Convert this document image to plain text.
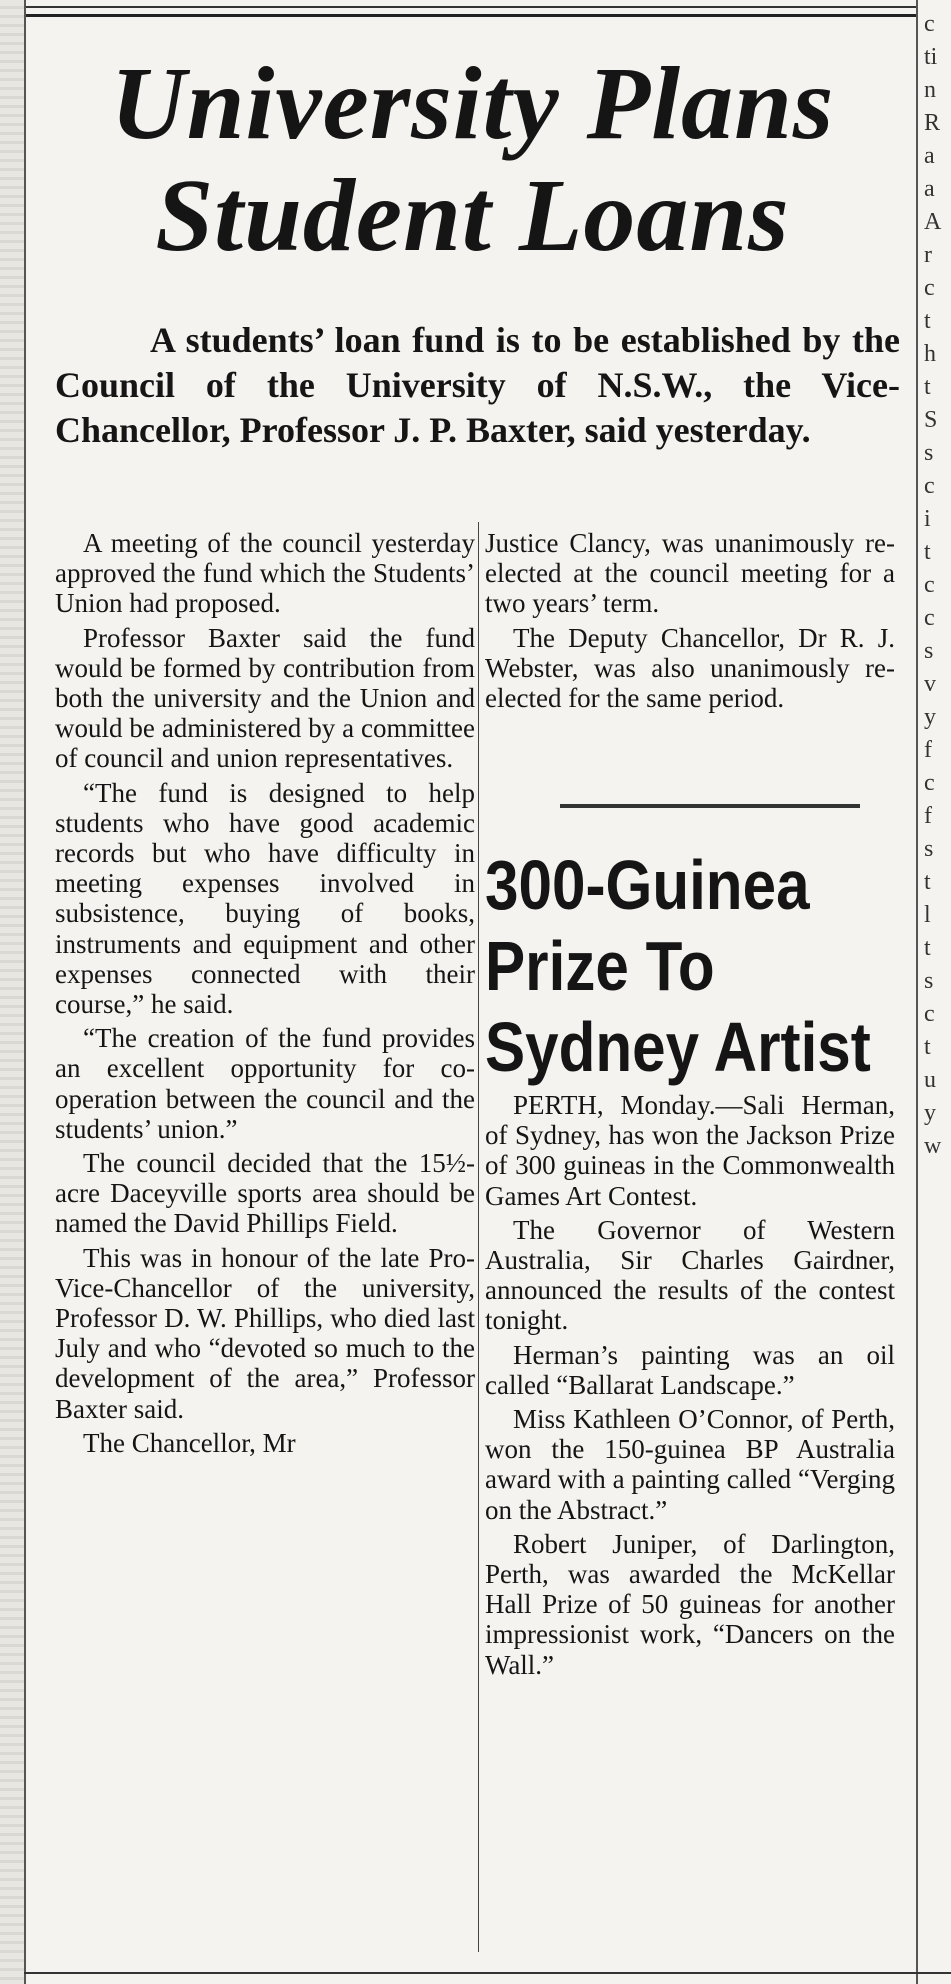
University Plans
Student Loans
A students’ loan fund is to be established by the Council of the University of N.S.W., the Vice-Chancellor, Professor J. P. Baxter, said yesterday.

A meeting of the council yesterday approved the fund which the Students’ Union had proposed.

Professor Baxter said the fund would be formed by contribution from both the university and the Union and would be administered by a committee of council and union representatives.

“The fund is designed to help students who have good academic records but who have difficulty in meeting expenses involved in subsistence, buying of books, instruments and equipment and other expenses connected with their course,” he said.

“The creation of the fund provides an excellent opportunity for co-operation between the council and the students’ union.”

The council decided that the 15½-acre Daceyville sports area should be named the David Phillips Field.

This was in honour of the late Pro-Vice-Chancellor of the university, Professor D. W. Phillips, who died last July and who “devoted so much to the development of the area,” Professor Baxter said.

The Chancellor, Mr

Justice Clancy, was unanimously re-elected at the council meeting for a two years’ term.

The Deputy Chancellor, Dr R. J. Webster, was also unanimously re-elected for the same period.

300-Guinea
Prize To
Sydney Artist

PERTH, Monday.—Sali Herman, of Sydney, has won the Jackson Prize of 300 guineas in the Commonwealth Games Art Contest.

The Governor of Western Australia, Sir Charles Gairdner, announced the results of the contest tonight.

Herman’s painting was an oil called “Ballarat Landscape.”

Miss Kathleen O’Connor, of Perth, won the 150-guinea BP Australia award with a painting called “Verging on the Abstract.”

Robert Juniper, of Darlington, Perth, was awarded the McKellar Hall Prize of 50 guineas for another impressionist work, “Dancers on the Wall.”

c
ti
n
R
a
a
A
r
c
t
h
t
S
s
c
i
t
c
c
s
v
y
f
c
f
s
t
l
t
s
c
t
u
y
w
